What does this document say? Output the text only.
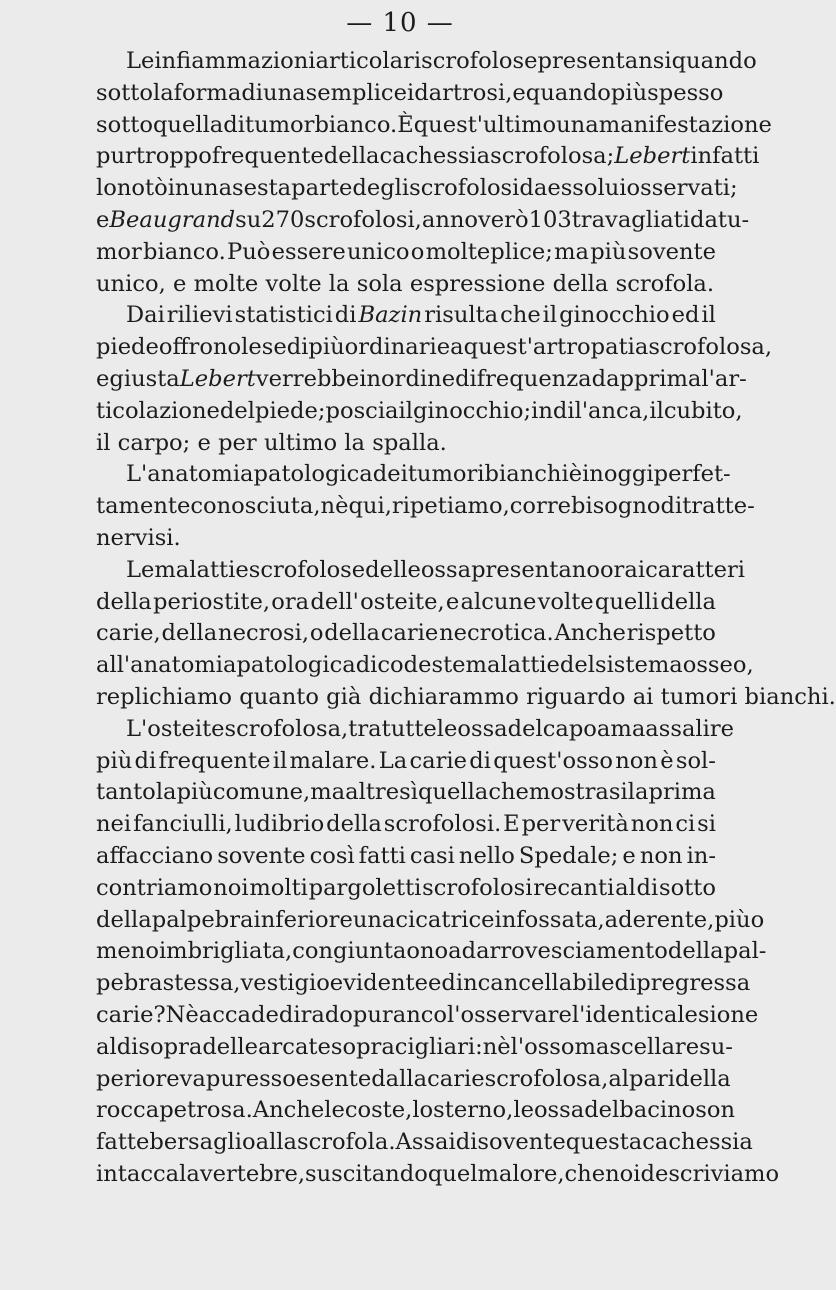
— 10 —
Le infiammazioni articolari scrofolose presentansi quando
sotto la forma di una semplice idartrosi, e quando più spesso
sotto quella di tumor bianco. È quest'ultimo una manifestazione
pur troppo frequente della cachessia scrofolosa; Lebert in fatti
lo notò in una sesta parte degli scrofolosi da essolui osservati;
e Beaugrand su 270 scrofolosi, annoverò 103 travagliati da tu-
mor bianco. Può essere unico o molteplice; ma più sovente
unico, e molte volte la sola espressione della scrofola.
Dai rilievi statistici di Bazin risulta che il ginocchio ed il
piede offrono le sedi più ordinarie a quest'artropatia scrofolosa,
e giusta Lebert verrebbe in ordine di frequenza dapprima l'ar-
ticolazione del piede; poscia il ginocchio; indi l'anca, il cubito,
il carpo; e per ultimo la spalla.
L'anatomia patologica dei tumori bianchi è in oggi perfet-
tamente conosciuta, nè qui, ripetiamo, corre bisogno di tratte-
nervisi.
Le malattie scrofolose delle ossa presentano ora i caratteri
della periostite, ora dell' osteite, e alcune volte quelli della
carie, della necrosi, o della carie necrotica. Anche rispetto
all'anatomia patologica di codeste malattie del sistema osseo,
replichiamo quanto già dichiarammo riguardo ai tumori bianchi.
L'osteite scrofolosa, tra tutte le ossa del capo ama assalire
più di frequente il malare. La carie di quest'osso non è sol-
tanto la più comune, ma altresì quella che mostrasi la prima
nei fanciulli, ludibrio della scrofolosi. E per verità non ci si
affacciano sovente così fatti casi nello Spedale; e non in-
contriamo noi molti pargoletti scrofolosi recanti al di sotto
della palpebra inferiore una cicatrice infossata, aderente, più o
meno imbrigliata, congiunta o no ad arrovesciamento della pal-
pebra stessa, vestigio evidente ed incancellabile di pregressa
carie? Nè accade di rado pur anco l'osservare l'identica lesione
al di sopra delle arcate sopracigliari: nè l'osso mascellare su-
periore va pur esso esente dalla carie scrofolosa, al pari della
rocca petrosa. Anche le coste, lo sterno, le ossa del bacino son
fatte bersaglio alla scrofola. Assai di sovente questa cachessia
intacca la vertebre, suscitando quel malore, che noi descriviamo
